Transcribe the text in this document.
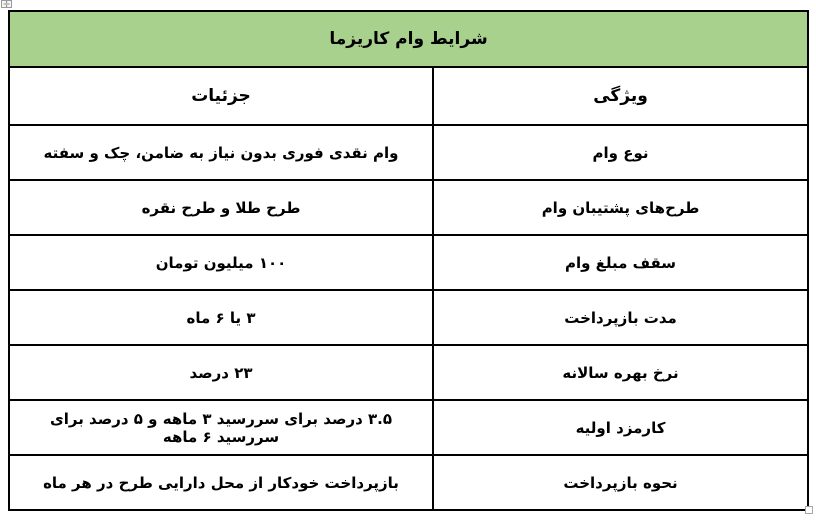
✛
شرایط وام کاریزما	
ویژگی	جزئیات
نوع وام	وام نقدی فوری بدون نیاز به ضامن، چک و سفته
طرح‌های پشتیبان وام	طرح طلا و طرح نقره
سقف مبلغ وام	۱۰۰ میلیون تومان
مدت بازپرداخت	۳ یا ۶ ماه
نرخ بهره سالانه	۲۳ درصد
کارمزد اولیه	۳.۵ درصد برای سررسید ۳ ماهه و ۵ درصد برای سررسید ۶ ماهه
نحوه بازپرداخت	بازپرداخت خودکار از محل دارایی طرح در هر ماه
